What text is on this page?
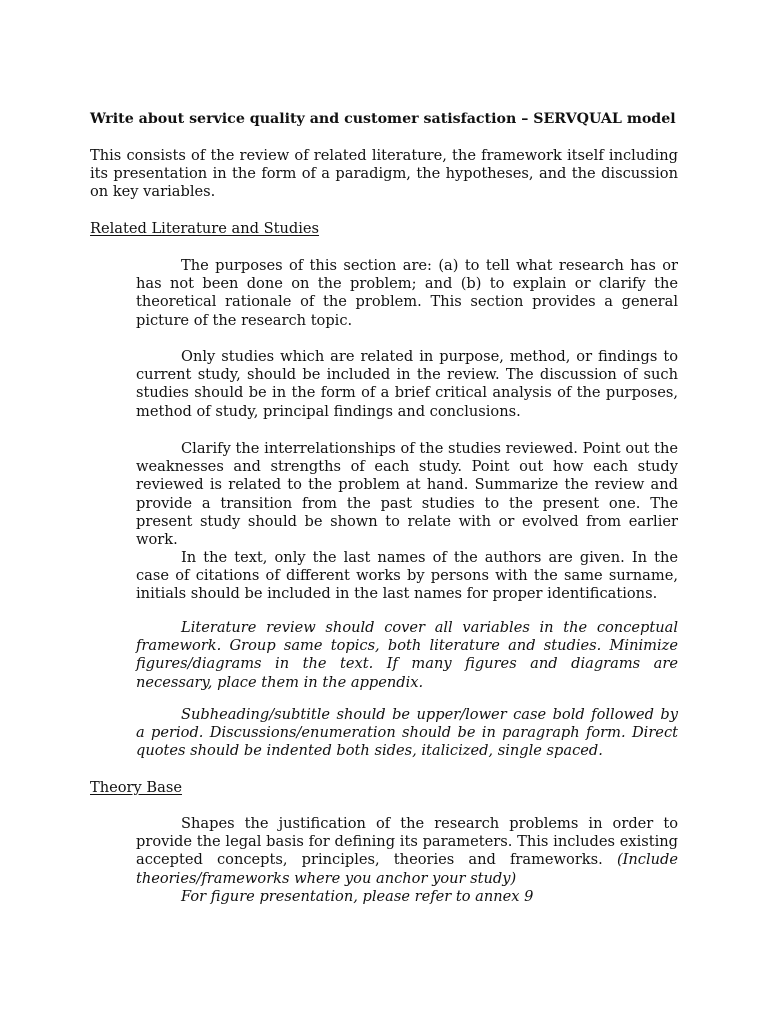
Write about service quality and customer satisfaction – SERVQUAL model
This consists of the review of related literature, the framework itself including its presentation in the form of a paradigm, the hypotheses, and the discussion on key variables.
Related Literature and Studies
The purposes of this section are: (a) to tell what research has or has not been done on the problem; and (b) to explain or clarify the theoretical rationale of the problem. This section provides a general picture of the research topic.
Only studies which are related in purpose, method, or findings to current study, should be included in the review. The discussion of such studies should be in the form of a brief critical analysis of the purposes, method of study, principal findings and conclusions.
Clarify the interrelationships of the studies reviewed. Point out the weaknesses and strengths of each study. Point out how each study reviewed is related to the problem at hand. Summarize the review and provide a transition from the past studies to the present one. The present study should be shown to relate with or evolved from earlier work.
In the text, only the last names of the authors are given. In the case of citations of different works by persons with the same surname, initials should be included in the last names for proper identifications.
Literature review should cover all variables in the conceptual framework. Group same topics, both literature and studies. Minimize figures/diagrams in the text. If many figures and diagrams are necessary, place them in the appendix.
Subheading/subtitle should be upper/lower case bold followed by a period. Discussions/enumeration should be in paragraph form. Direct quotes should be indented both sides, italicized, single spaced.
Theory Base
Shapes the justification of the research problems in order to provide the legal basis for defining its parameters. This includes existing accepted concepts, principles, theories and frameworks. (Include theories/frameworks where you anchor your study)
For figure presentation, please refer to annex 9
